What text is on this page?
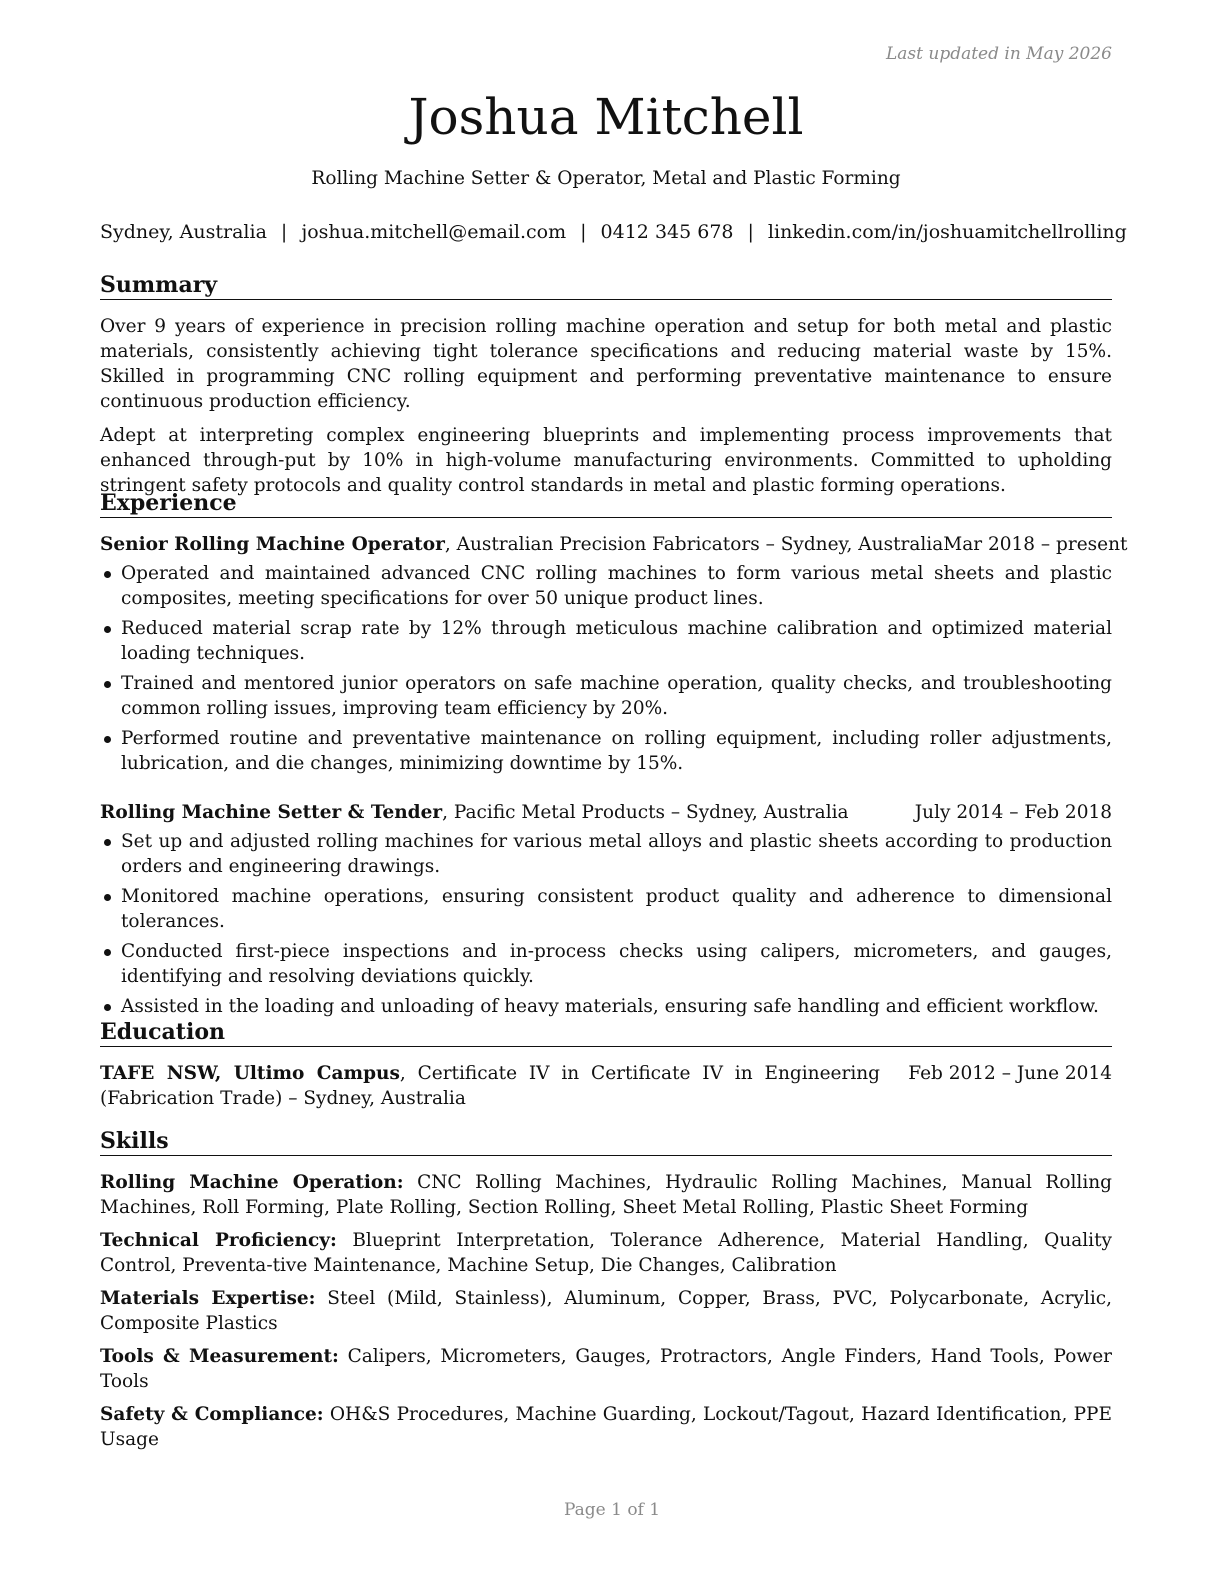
Last updated in May 2026
Joshua Mitchell
Rolling Machine Setter & Operator, Metal and Plastic Forming
Sydney, Australia | joshua.mitchell@email.com | 0412 345 678 | linkedin.com/in/joshuamitchellrolling
Summary

Over 9 years of experience in precision rolling machine operation and setup for both metal and plastic materials, consistently achieving tight tolerance specifications and reducing material waste by 15%. Skilled in programming CNC rolling equipment and performing preventative maintenance to ensure continuous production efficiency.

Adept at interpreting complex engineering blueprints and implementing process improvements that enhanced through-put by 10% in high-volume manufacturing environments. Committed to upholding stringent safety protocols and quality control standards in metal and plastic forming operations.

Experience
Senior Rolling Machine Operator, Australian Precision Fabricators – Sydney, Australia Mar 2018 – present
Operated and maintained advanced CNC rolling machines to form various metal sheets and plastic composites, meeting specifications for over 50 unique product lines.
Reduced material scrap rate by 12% through meticulous machine calibration and optimized material loading techniques.
Trained and mentored junior operators on safe machine operation, quality checks, and troubleshooting common rolling issues, improving team efficiency by 20%.
Performed routine and preventative maintenance on rolling equipment, including roller adjustments, lubrication, and die changes, minimizing downtime by 15%.
Rolling Machine Setter & Tender, Pacific Metal Products – Sydney, Australia	July 2014 – Feb 2018
Set up and adjusted rolling machines for various metal alloys and plastic sheets according to production orders and engineering drawings.
Monitored machine operations, ensuring consistent product quality and adherence to dimensional tolerances.
Conducted first-piece inspections and in-process checks using calipers, micrometers, and gauges, identifying and resolving deviations quickly.
Assisted in the loading and unloading of heavy materials, ensuring safe handling and efficient workflow.
Education
TAFE NSW, Ultimo Campus, Certificate IV in Certificate IV in Engineering (Fabrication Trade) – Sydney, Australia
Feb 2012 – June 2014
Skills

Rolling Machine Operation: CNC Rolling Machines, Hydraulic Rolling Machines, Manual Rolling Machines, Roll Forming, Plate Rolling, Section Rolling, Sheet Metal Rolling, Plastic Sheet Forming

Technical Proficiency: Blueprint Interpretation, Tolerance Adherence, Material Handling, Quality Control, Preventa-tive Maintenance, Machine Setup, Die Changes, Calibration

Materials Expertise: Steel (Mild, Stainless), Aluminum, Copper, Brass, PVC, Polycarbonate, Acrylic, Composite Plastics

Tools & Measurement: Calipers, Micrometers, Gauges, Protractors, Angle Finders, Hand Tools, Power Tools

Safety & Compliance: OH&S Procedures, Machine Guarding, Lockout/Tagout, Hazard Identification, PPE Usage

Page 1 of 1
